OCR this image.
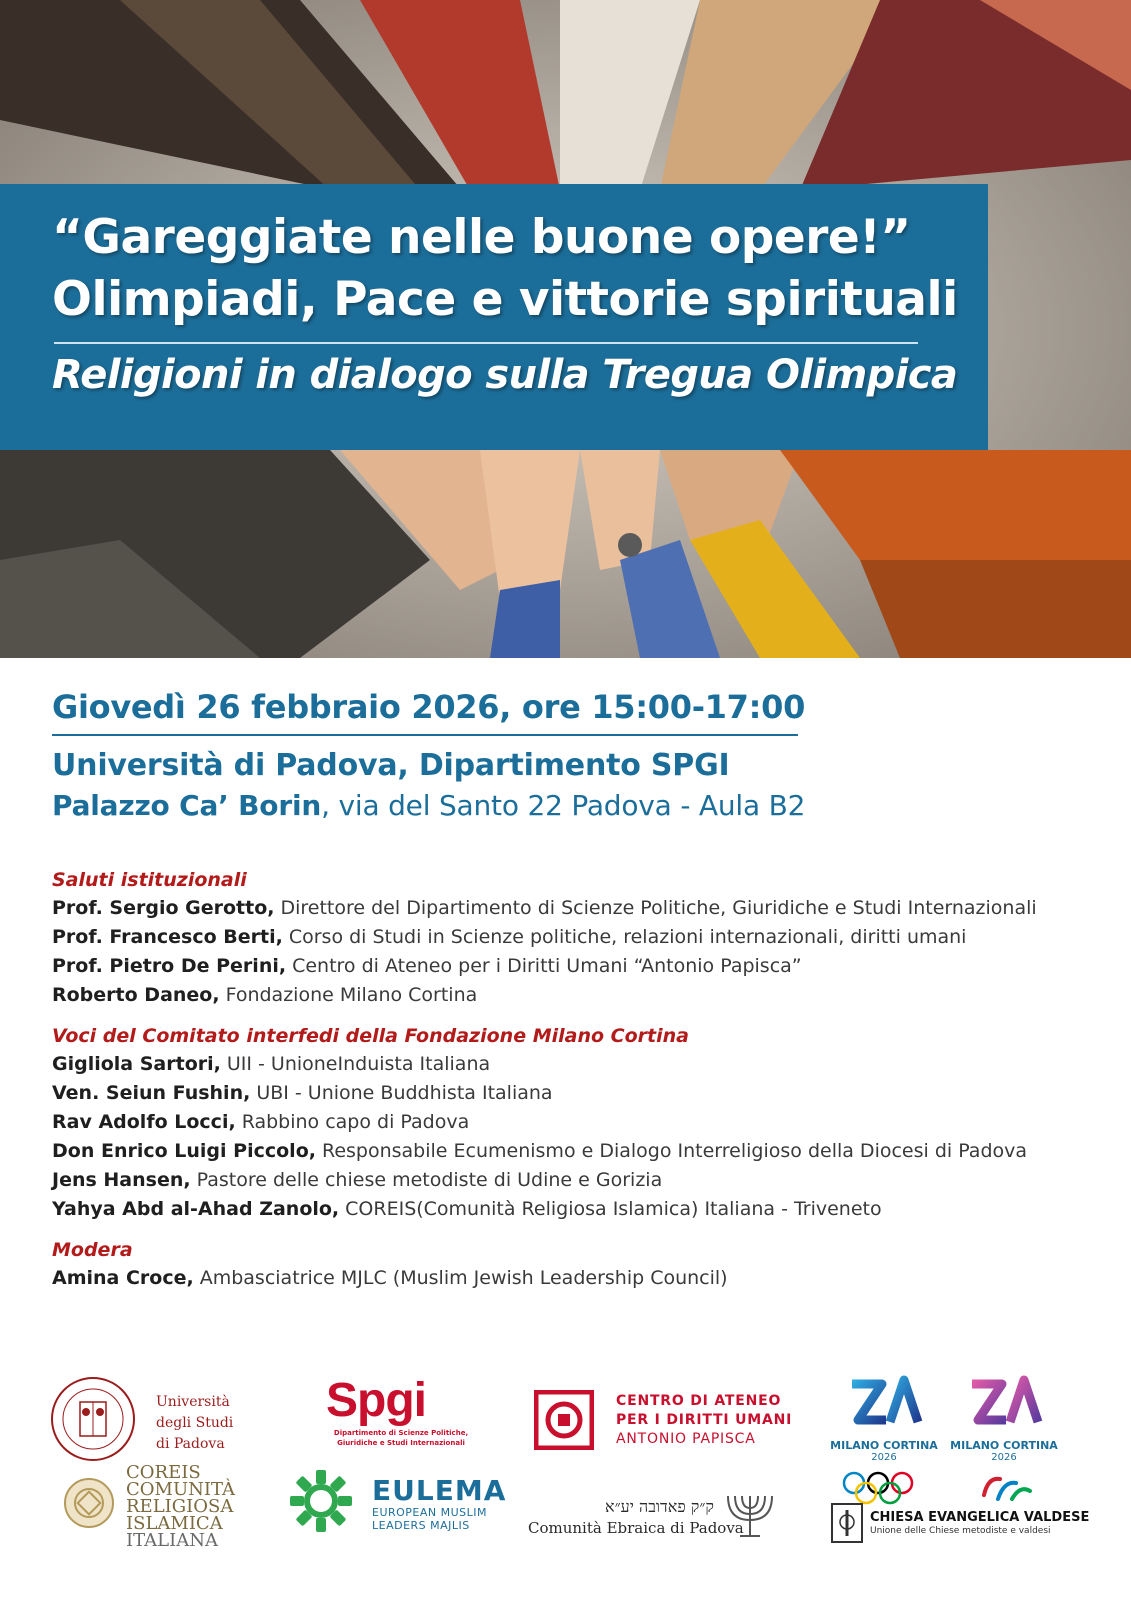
“Gareggiate nelle buone opere!”
Olimpiadi, Pace e vittorie spirituali
Religioni in dialogo sulla Tregua Olimpica
Giovedì 26 febbraio 2026, ore 15:00-17:00
Università di Padova, Dipartimento SPGI
Palazzo Ca’ Borin, via del Santo 22 Padova - Aula B2
Saluti istituzionali
Prof. Sergio Gerotto, Direttore del Dipartimento di Scienze Politiche, Giuridiche e Studi Internazionali
Prof. Francesco Berti, Corso di Studi in Scienze politiche, relazioni internazionali, diritti umani
Prof. Pietro De Perini, Centro di Ateneo per i Diritti Umani “Antonio Papisca”
Roberto Daneo, Fondazione Milano Cortina
Voci del Comitato interfedi della Fondazione Milano Cortina
Gigliola Sartori, UII - UnioneInduista Italiana
Ven. Seiun Fushin, UBI - Unione Buddhista Italiana
Rav Adolfo Locci, Rabbino capo di Padova
Don Enrico Luigi Piccolo, Responsabile Ecumenismo e Dialogo Interreligioso della Diocesi di Padova
Jens Hansen, Pastore delle chiese metodiste di Udine e Gorizia
Yahya Abd al-Ahad Zanolo, COREIS(Comunità Religiosa Islamica) Italiana - Triveneto
Modera
Amina Croce, Ambasciatrice MJLC (Muslim Jewish Leadership Council)
Università
degli Studi
di Padova
Spgi
Dipartimento di Scienze Politiche,
Giuridiche e Studi Internazionali
CENTRO DI ATENEO
PER I DIRITTI UMANI
ANTONIO PAPISCA	MILANO CORTINA
2026
MILANO CORTINA
2026
COREIS
COMUNITÀ
RELIGIOSA
ISLAMICA
ITALIANA
EULEMA
EUROPEAN MUSLIM
LEADERS MAJLIS
ק״ק פאדובה יע״א
Comunità Ebraica di Padova
CHIESA EVANGELICA VALDESE
Unione delle Chiese metodiste e valdesi
